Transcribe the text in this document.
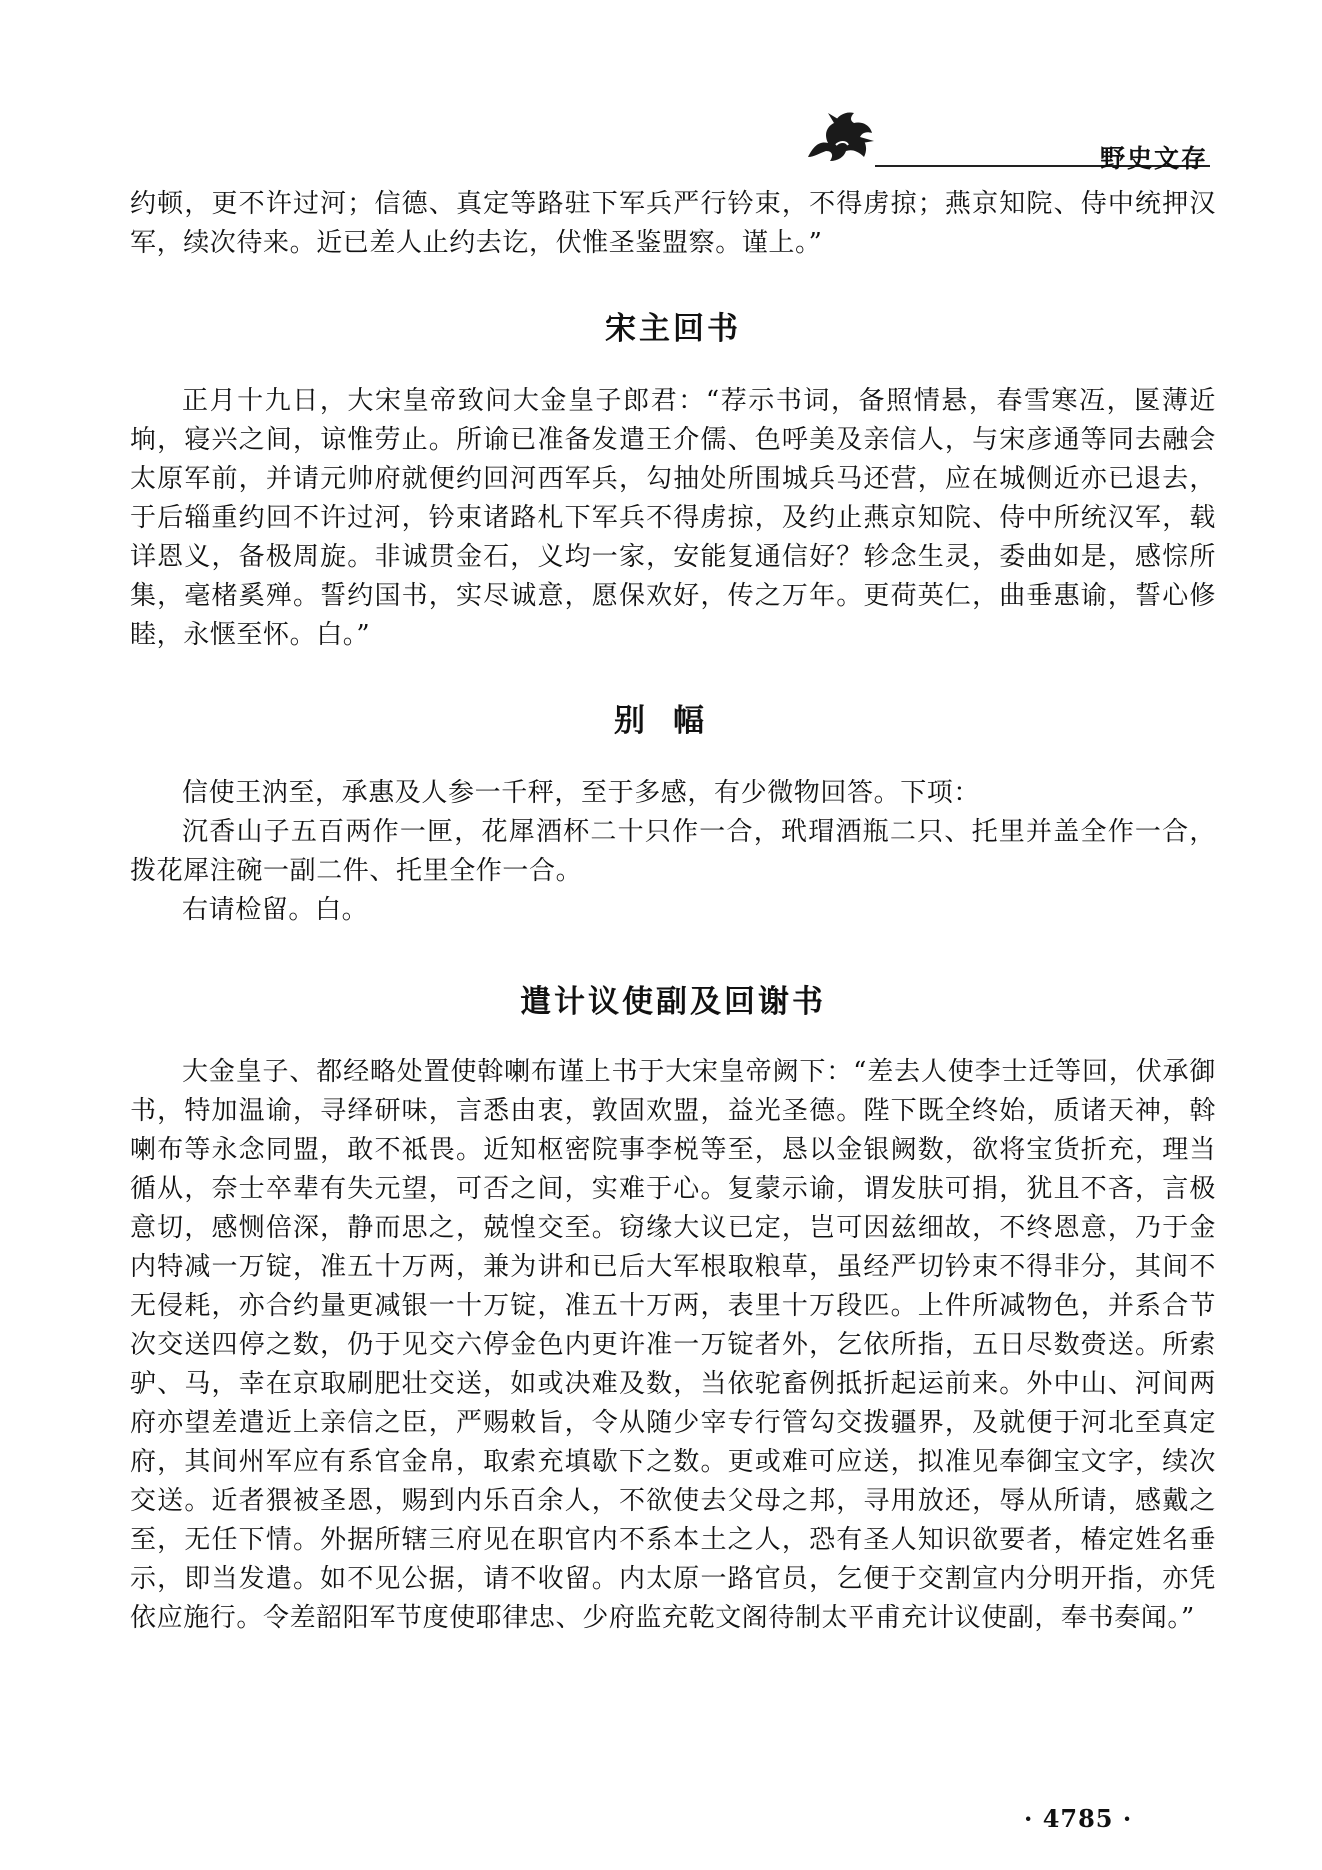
野史文存

约顿，更不许过河；信德、真定等路驻下军兵严行钤束，不得虏掠；燕京知院、侍中统押汉军，续次待来。近已差人止约去讫，伏惟圣鉴盟察。谨上。”

宋主回书

正月十九日，大宋皇帝致问大金皇子郎君：“荐示书词，备照情悬，春雪寒冱，匽薄近垧，寝兴之间，谅惟劳止。所谕已准备发遣王介儒、色呼美及亲信人，与宋彦通等同去融会太原军前，并请元帅府就便约回河西军兵，勾抽处所围城兵马还营，应在城侧近亦已退去，于后辎重约回不许过河，钤束诸路札下军兵不得虏掠，及约止燕京知院、侍中所统汉军，载详恩义，备极周旋。非诚贯金石，义均一家，安能复通信好？轸念生灵，委曲如是，感悰所集，毫楮奚殚。誓约国书，实尽诚意，愿保欢好，传之万年。更荷英仁，曲垂惠谕，誓心修睦，永惬至怀。白。”

别幅

信使王汭至，承惠及人参一千秤，至于多感，有少微物回答。下项：

沉香山子五百两作一匣，花犀酒杯二十只作一合，玳瑁酒瓶二只、托里并盖全作一合，拨花犀注碗一副二件、托里全作一合。

右请检留。白。

遣计议使副及回谢书

大金皇子、都经略处置使斡喇布谨上书于大宋皇帝阙下：“差去人使李士迁等回，伏承御书，特加温谕，寻绎研味，言悉由衷，敦固欢盟，益光圣德。陛下既全终始，质诸天神，斡喇布等永念同盟，敢不祗畏。近知枢密院事李棁等至，恳以金银阙数，欲将宝货折充，理当循从，奈士卒辈有失元望，可否之间，实难于心。复蒙示谕，谓发肤可捐，犹且不吝，言极意切，感恻倍深，静而思之，兢惶交至。窃缘大议已定，岂可因兹细故，不终恩意，乃于金内特减一万锭，准五十万两，兼为讲和已后大军根取粮草，虽经严切钤束不得非分，其间不无侵耗，亦合约量更减银一十万锭，准五十万两，表里十万段匹。上件所减物色，并系合节次交送四停之数，仍于见交六停金色内更许准一万锭者外，乞依所指，五日尽数赍送。所索驴、马，幸在京取刷肥壮交送，如或决难及数，当依驼畜例抵折起运前来。外中山、河间两府亦望差遣近上亲信之臣，严赐敕旨，令从随少宰专行管勾交拨疆界，及就便于河北至真定府，其间州军应有系官金帛，取索充填歇下之数。更或难可应送，拟准见奉御宝文字，续次交送。近者猥被圣恩，赐到内乐百余人，不欲使去父母之邦，寻用放还，辱从所请，感戴之至，无任下情。外据所辖三府见在职官内不系本土之人，恐有圣人知识欲要者，椿定姓名垂示，即当发遣。如不见公据，请不收留。内太原一路官员，乞便于交割宣内分明开指，亦凭依应施行。令差韶阳军节度使耶律忠、少府监充乾文阁待制太平甫充计议使副，奉书奏闻。”

· 4785 ·
